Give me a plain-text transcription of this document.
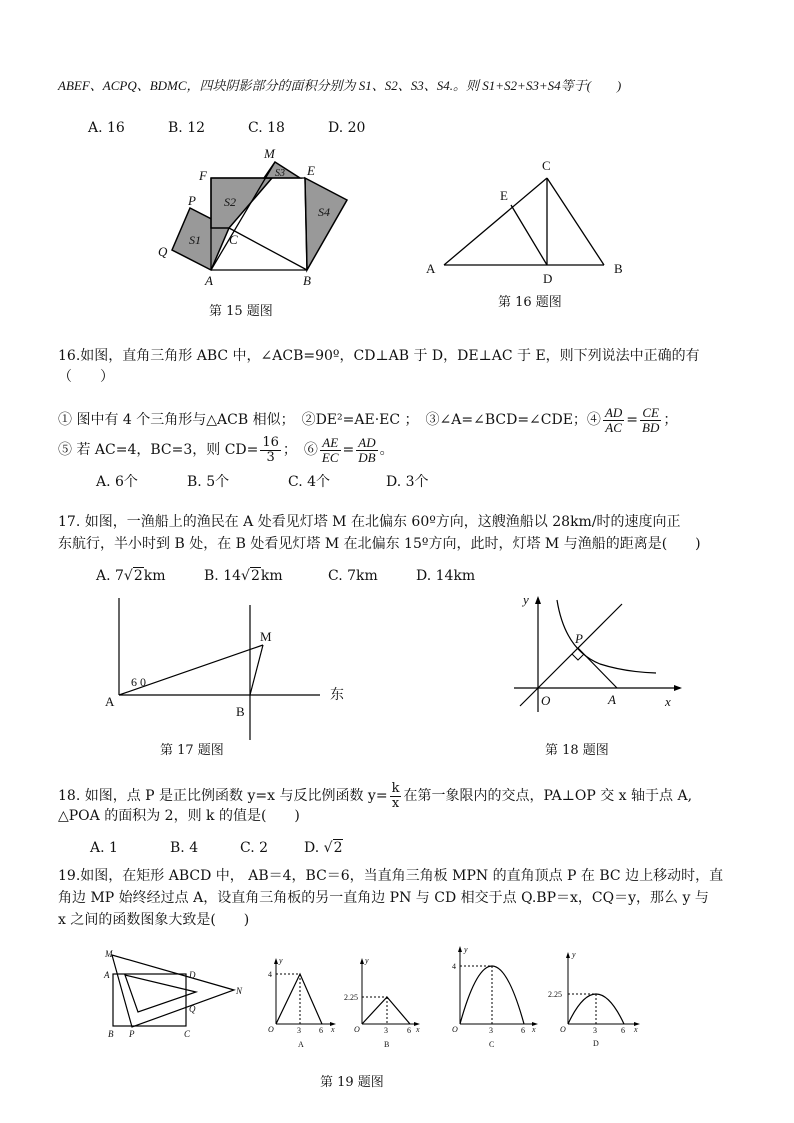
ABEF、ACPQ、BDMC，四块阴影部分的面积分别为 S1、S2、S3、S4.。则 S1+S2+S3+S4等于(　　)
A. 16	B. 12	C. 18	D. 20
M
E
F	S3
S2
S4
P
Q
S1 C
A	B
第 15 题图
C
E
A
D
B
第 16 题图
16.如图，直角三角形 ABC 中，∠ACB=90º，CD⊥AB 于 D，DE⊥AC 于 E，则下列说法中正确的有
（　　）
① 图中有 4 个三角形与△ACB 相似；　②DE²=AE·EC ；　③∠A=∠BCD=∠CDE；④ $\frac{AD}{AC} = \frac{CE}{BD}$ ；
⑤ 若 AC=4，BC=3，则 $CD= \frac{16}{3}$ ；　⑥ $\frac{AE}{EC} = \frac{AD}{DB}$ 。
A. 6个	B. 5个	C. 4个	D. 3个
17. 如图，一渔船上的渔民在 A 处看见灯塔 M 在北偏东 60º方向，这艘渔船以 28km/时的速度向正
东航行，半小时到 B 处，在 B 处看见灯塔 M 在北偏东 15º方向，此时，灯塔 M 与渔船的距离是(　　)
A. 7√2km	B. 14√2km	C. 7km	D. 14km
6 0
M
A
B
东
第 17 题图
y
P
O	A	x
第 18 题图
18. 如图，点 P 是正比例函数 y=x 与反比例函数 $y= \frac{k}{x}$ 在第一象限内的交点，PA⊥OP 交 x 轴于点 A,
△POA 的面积为 2，则 k 的值是(　　)
A. 1	B. 4	C. 2	D. √2
19.如图，在矩形 ABCD 中， AB＝4，BC＝6，当直角三角板 MPN 的直角顶点 P 在 BC 边上移动时，直
角边 MP 始终经过点 A，设直角三角板的另一直角边 PN 与 CD 相交于点 Q.BP＝x，CQ＝y，那么 y 与
x 之间的函数图象大致是(　　)
M
A	D
N
Q
B P	C
y
4
O	3 6 x
A
y
2.25
O	3 6 x
B
y
4
O	3	6 x
C
y
2.25
O	3	6 x
D
第 19 题图
